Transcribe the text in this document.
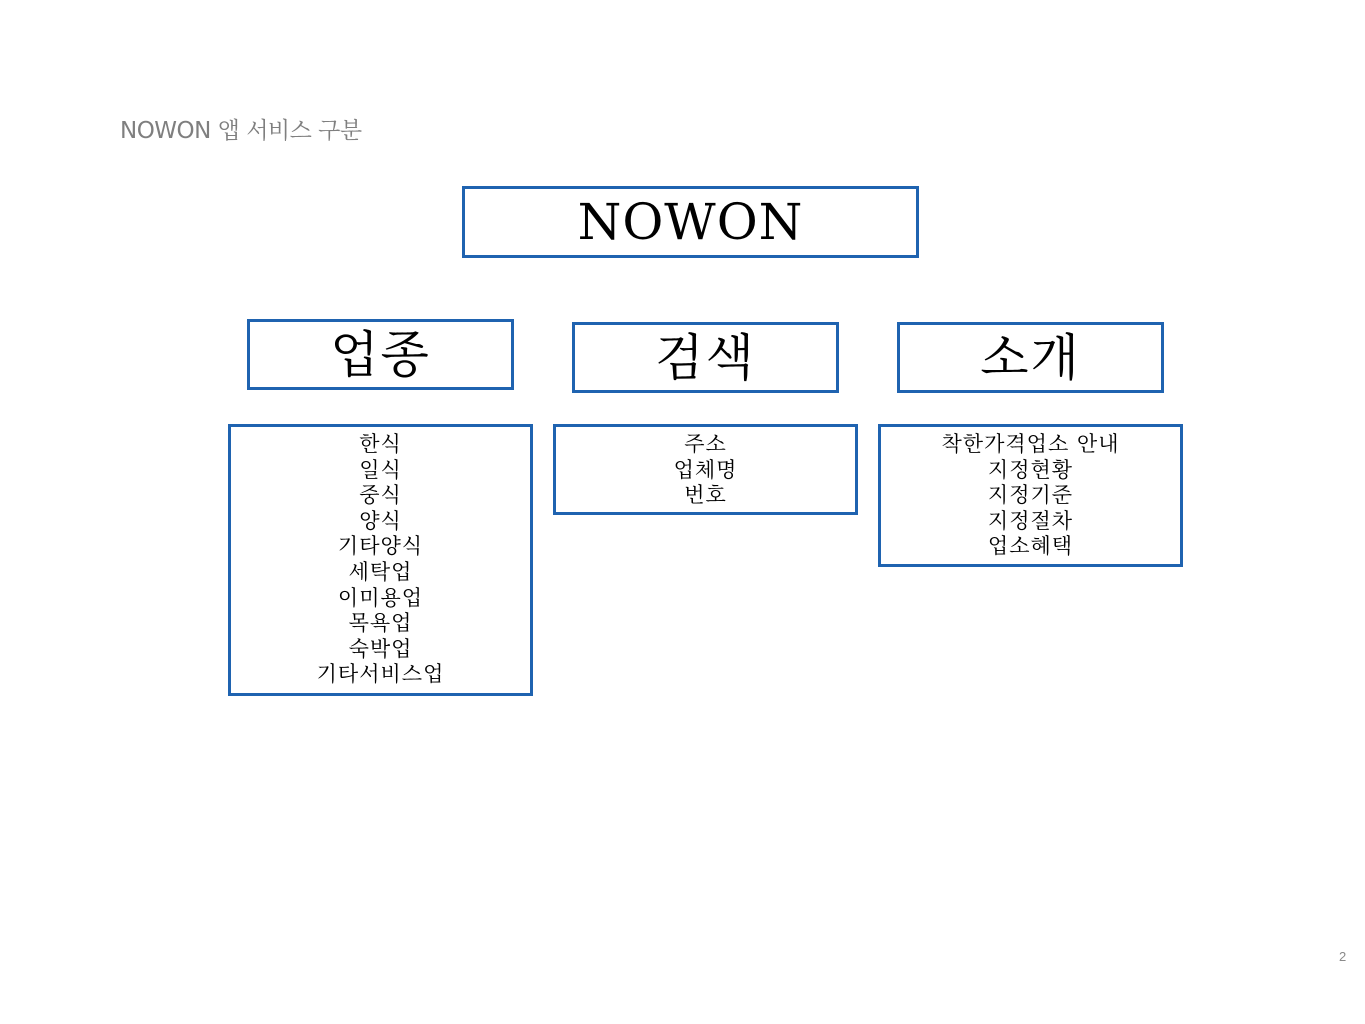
NOWON 앱 서비스 구분
NOWON
업종	검색	소개
한식
일식
중식
양식
기타양식
세탁업
이미용업
목욕업
숙박업
기타서비스업
주소
업체명
번호
착한가격업소 안내
지정현황
지정기준
지정절차
업소혜택
2
